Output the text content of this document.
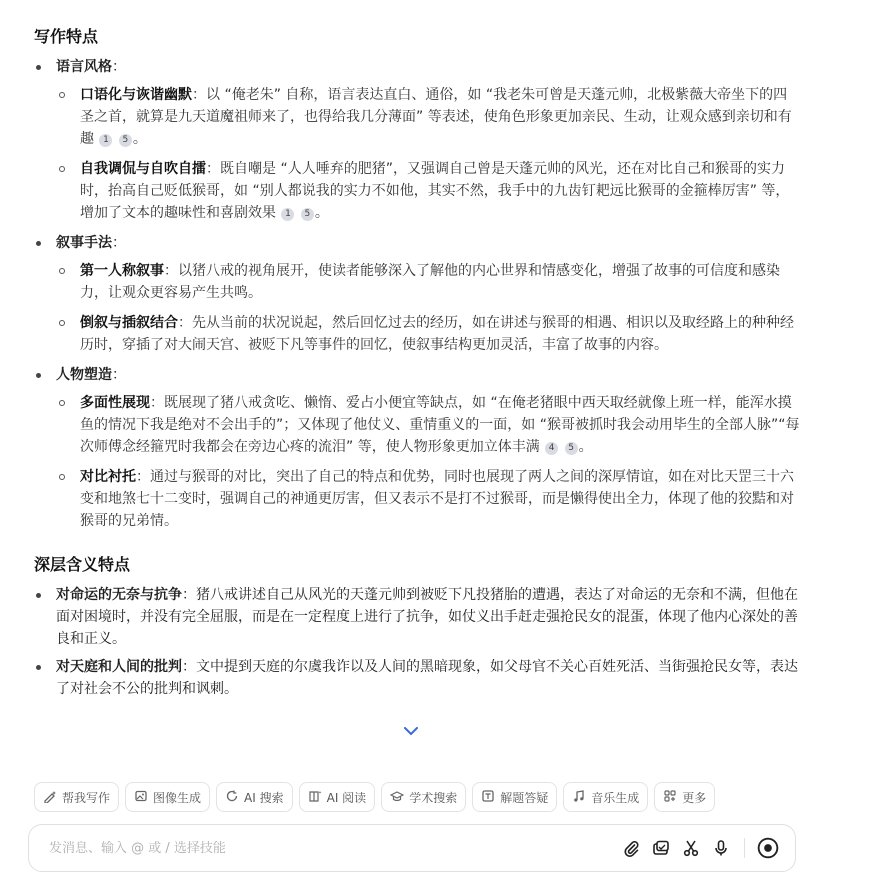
写作特点
语言风格：
口语化与诙谐幽默：以 “俺老朱” 自称，语言表达直白、通俗，如 “我老朱可曾是天蓬元帅，北极紫薇大帝坐下的四圣之首，就算是九天道魔祖师来了，也得给我几分薄面” 等表述，使角色形象更加亲民、生动，让观众感到亲切和有趣 1 5 。
自我调侃与自吹自擂：既自嘲是 “人人唾弃的肥猪”，又强调自己曾是天蓬元帅的风光，还在对比自己和猴哥的实力时，抬高自己贬低猴哥，如 “别人都说我的实力不如他，其实不然，我手中的九齿钉耙远比猴哥的金箍棒厉害” 等，增加了文本的趣味性和喜剧效果 1 5 。
叙事手法：
第一人称叙事：以猪八戒的视角展开，使读者能够深入了解他的内心世界和情感变化，增强了故事的可信度和感染力，让观众更容易产生共鸣。
倒叙与插叙结合：先从当前的状况说起，然后回忆过去的经历，如在讲述与猴哥的相遇、相识以及取经路上的种种经历时，穿插了对大闹天宫、被贬下凡等事件的回忆，使叙事结构更加灵活，丰富了故事的内容。
人物塑造：
多面性展现：既展现了猪八戒贪吃、懒惰、爱占小便宜等缺点，如 “在俺老猪眼中西天取经就像上班一样，能浑水摸鱼的情况下我是绝对不会出手的”；又体现了他仗义、重情重义的一面，如 “猴哥被抓时我会动用毕生的全部人脉”“每次师傅念经箍咒时我都会在旁边心疼的流泪” 等，使人物形象更加立体丰满 4 5 。
对比衬托：通过与猴哥的对比，突出了自己的特点和优势，同时也展现了两人之间的深厚情谊，如在对比天罡三十六变和地煞七十二变时，强调自己的神通更厉害，但又表示不是打不过猴哥，而是懒得使出全力，体现了他的狡黠和对猴哥的兄弟情。
深层含义特点
对命运的无奈与抗争：猪八戒讲述自己从风光的天蓬元帅到被贬下凡投猪胎的遭遇，表达了对命运的无奈和不满，但他在面对困境时，并没有完全屈服，而是在一定程度上进行了抗争，如仗义出手赶走强抢民女的混蛋，体现了他内心深处的善良和正义。
对天庭和人间的批判：文中提到天庭的尔虞我诈以及人间的黑暗现象，如父母官不关心百姓死活、当街强抢民女等，表达了对社会不公的批判和讽刺。
帮我写作	图像生成	AI 搜索	AI 阅读	学术搜索	解题答疑	音乐生成	更多
发消息、输入 @ 或 / 选择技能
